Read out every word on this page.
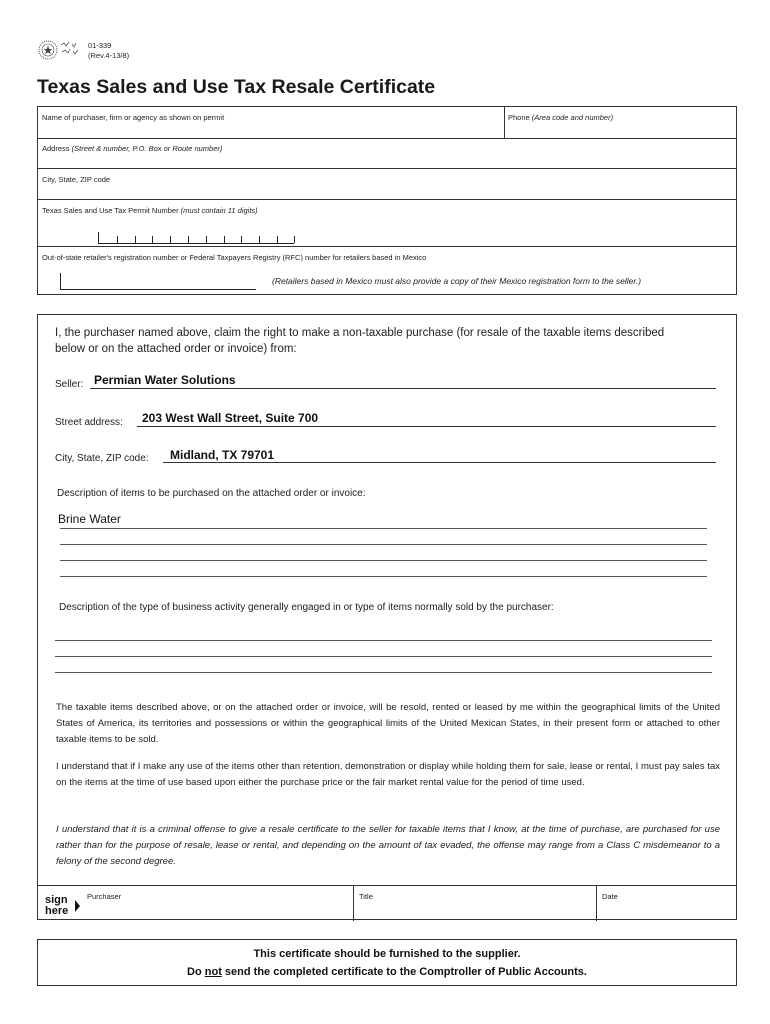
01-339
(Rev.4-13/8)
Texas Sales and Use Tax Resale Certificate
Name of purchaser, firm or agency as shown on permit	Phone (Area code and number)
Address (Street & number, P.O. Box or Route number)
City, State, ZIP code
Texas Sales and Use Tax Permit Number (must contain 11 digits)
Out-of-state retailer's registration number or Federal Taxpayers Registry (RFC) number for retailers based in Mexico
(Retailers based in Mexico must also provide a copy of their Mexico registration form to the seller.)
I, the purchaser named above, claim the right to make a non-taxable purchase (for resale of the taxable items described below or on the attached order or invoice) from:
Seller: Permian Water Solutions
Street address: 203 West Wall Street, Suite 700
City, State, ZIP code: Midland, TX 79701
Description of items to be purchased on the attached order or invoice:
Brine Water
Description of the type of business activity generally engaged in or type of items normally sold by the purchaser:
The taxable items described above, or on the attached order or invoice, will be resold, rented or leased by me within the geographical limits of the United States of America, its territories and possessions or within the geographical limits of the United Mexican States, in their present form or attached to other taxable items to be sold.
I understand that if I make any use of the items other than retention, demonstration or display while holding them for sale, lease or rental, I must pay sales tax on the items at the time of use based upon either the purchase price or the fair market rental value for the period of time used.
I understand that it is a criminal offense to give a resale certificate to the seller for taxable items that I know, at the time of purchase, are purchased for use rather than for the purpose of resale, lease or rental, and depending on the amount of tax evaded, the offense may range from a Class C misdemeanor to a felony of the second degree.
sign
here
Purchaser	Title	Date
This certificate should be furnished to the supplier.
Do not send the completed certificate to the Comptroller of Public Accounts.
